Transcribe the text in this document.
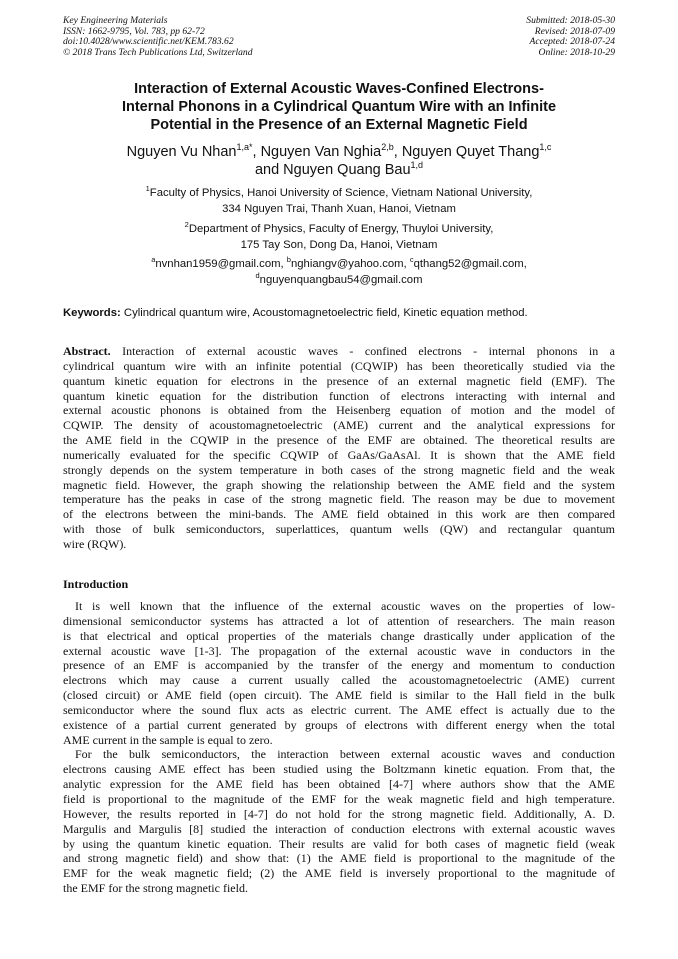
Key Engineering Materials
ISSN: 1662-9795, Vol. 783, pp 62-72
doi:10.4028/www.scientific.net/KEM.783.62
© 2018 Trans Tech Publications Ltd, Switzerland
Submitted: 2018-05-30
Revised: 2018-07-09
Accepted: 2018-07-24
Online: 2018-10-29
Interaction of External Acoustic Waves-Confined Electrons-
Internal Phonons in a Cylindrical Quantum Wire with an Infinite
Potential in the Presence of an External Magnetic Field
Nguyen Vu Nhan$^{1,a*}$, Nguyen Van Nghia$^{2,b}$, Nguyen Quyet Thang$^{1,c}$
and Nguyen Quang Bau$^{1,d}$
$^1$Faculty of Physics, Hanoi University of Science, Vietnam National University,
334 Nguyen Trai, Thanh Xuan, Hanoi, Vietnam
$^2$Department of Physics, Faculty of Energy, Thuyloi University,
175 Tay Son, Dong Da, Hanoi, Vietnam
$^a$nvnhan1959@gmail.com, $^b$nghiangv@yahoo.com, $^c$qthang52@gmail.com,
$^d$nguyenquangbau54@gmail.com
Keywords: Cylindrical quantum wire, Acoustomagnetoelectric field, Kinetic equation method.
Abstract. Interaction of external acoustic waves - confined electrons - internal phonons in a
cylindrical quantum wire with an infinite potential (CQWIP) has been theoretically studied via the
quantum kinetic equation for electrons in the presence of an external magnetic field (EMF). The
quantum kinetic equation for the distribution function of electrons interacting with internal and
external acoustic phonons is obtained from the Heisenberg equation of motion and the model of
CQWIP. The density of acoustomagnetoelectric (AME) current and the analytical expressions for
the AME field in the CQWIP in the presence of the EMF are obtained. The theoretical results are
numerically evaluated for the specific CQWIP of GaAs/GaAsAl. It is shown that the AME field
strongly depends on the system temperature in both cases of the strong magnetic field and the weak
magnetic field. However, the graph showing the relationship between the AME field and the system
temperature has the peaks in case of the strong magnetic field. The reason may be due to movement
of the electrons between the mini-bands. The AME field obtained in this work are then compared
with those of bulk semiconductors, superlattices, quantum wells (QW) and rectangular quantum
wire (RQW).
Introduction
It is well known that the influence of the external acoustic waves on the properties of low-
dimensional semiconductor systems has attracted a lot of attention of researchers. The main reason
is that electrical and optical properties of the materials change drastically under application of the
external acoustic wave [1-3]. The propagation of the external acoustic wave in conductors in the
presence of an EMF is accompanied by the transfer of the energy and momentum to conduction
electrons which may cause a current usually called the acoustomagnetoelectric (AME) current
(closed circuit) or AME field (open circuit). The AME field is similar to the Hall field in the bulk
semiconductor where the sound flux acts as electric current. The AME effect is actually due to the
existence of a partial current generated by groups of electrons with different energy when the total
AME current in the sample is equal to zero.
For the bulk semiconductors, the interaction between external acoustic waves and conduction
electrons causing AME effect has been studied using the Boltzmann kinetic equation. From that, the
analytic expression for the AME field has been obtained [4-7] where authors show that the AME
field is proportional to the magnitude of the EMF for the weak magnetic field and high temperature.
However, the results reported in [4-7] do not hold for the strong magnetic field. Additionally, A. D.
Margulis and Margulis [8] studied the interaction of conduction electrons with external acoustic waves
by using the quantum kinetic equation. Their results are valid for both cases of magnetic field (weak
and strong magnetic field) and show that: (1) the AME field is proportional to the magnitude of the
EMF for the weak magnetic field; (2) the AME field is inversely proportional to the magnitude of
the EMF for the strong magnetic field.
